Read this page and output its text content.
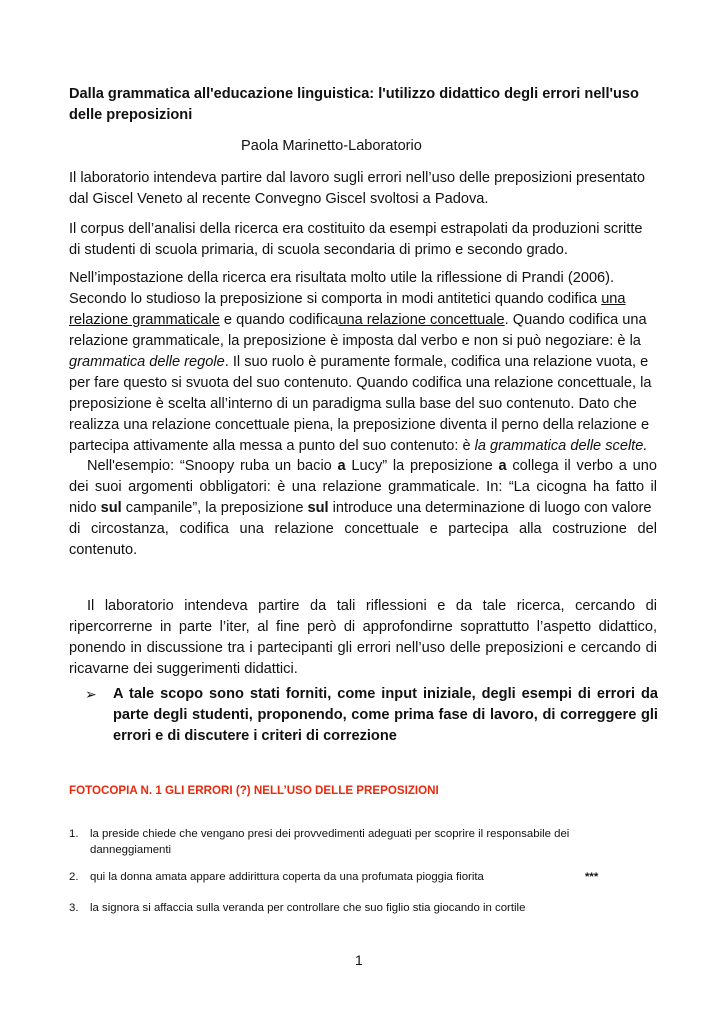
Dalla grammatica all'educazione linguistica: l'utilizzo didattico degli errori nell'uso delle preposizioni
Paola Marinetto-Laboratorio
Il laboratorio intendeva partire dal lavoro sugli errori nell’uso delle preposizioni presentato
dal Giscel Veneto al recente Convegno Giscel svoltosi a Padova.
Il corpus dell’analisi della ricerca era costituito da esempi estrapolati da produzioni scritte
di studenti di scuola primaria, di scuola secondaria di primo e secondo grado.
Nell’impostazione della ricerca era risultata molto utile la riflessione di Prandi (2006).
Secondo lo studioso la preposizione si comporta in modi antitetici quando codifica una
relazione grammaticale e quando codificauna relazione concettuale. Quando codifica una
relazione grammaticale, la preposizione è imposta dal verbo e non si può negoziare: è la
grammatica delle regole. Il suo ruolo è puramente formale, codifica una relazione vuota, e
per fare questo si svuota del suo contenuto. Quando codifica una relazione concettuale, la
preposizione è scelta all’interno di un paradigma sulla base del suo contenuto. Dato che
realizza una relazione concettuale piena, la preposizione diventa il perno della relazione e
partecipa attivamente alla messa a punto del suo contenuto: è la grammatica delle scelte.
Nell'esempio: “Snoopy ruba un bacio a Lucy” la preposizione a collega il verbo a uno
dei suoi argomenti obbligatori: è una relazione grammaticale. In: “La cicogna ha fatto il
nido sul campanile”, la preposizione sul introduce una determinazione di luogo con valore
di circostanza, codifica una relazione concettuale e partecipa alla costruzione del
contenuto.
Il laboratorio intendeva partire da tali riflessioni e da tale ricerca, cercando di
ripercorrerne in parte l’iter, al fine però di approfondirne soprattutto l’aspetto didattico,
ponendo in discussione tra i partecipanti gli errori nell’uso delle preposizioni e cercando di
ricavarne dei suggerimenti didattici.
➢ A tale scopo sono stati forniti, come input iniziale, degli esempi di errori da
parte degli studenti, proponendo, come prima fase di lavoro, di correggere gli
errori e di discutere i criteri di correzione
FOTOCOPIA N. 1 GLI ERRORI (?) NELL’USO DELLE PREPOSIZIONI
1. la preside chiede che vengano presi dei provvedimenti adeguati per scoprire il responsabile dei
danneggiamenti
2. qui la donna amata appare addirittura coperta da una profumata pioggia fiorita	***
3. la signora si affaccia sulla veranda per controllare che suo figlio stia giocando in cortile
1
